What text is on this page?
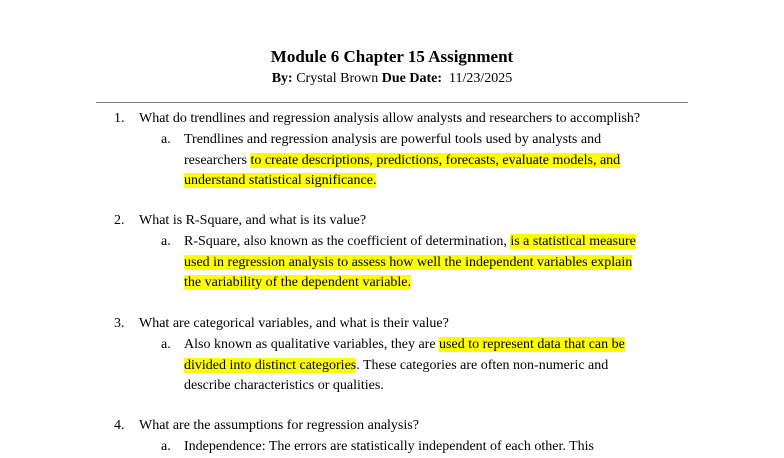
Module 6 Chapter 15 Assignment
By: Crystal Brown Due Date: 11/23/2025
1. What do trendlines and regression analysis allow analysts and researchers to accomplish?
a. Trendlines and regression analysis are powerful tools used by analysts and
researchers to create descriptions, predictions, forecasts, evaluate models, and
understand statistical significance.
2. What is R-Square, and what is its value?
a. R-Square, also known as the coefficient of determination, is a statistical measure
used in regression analysis to assess how well the independent variables explain
the variability of the dependent variable.
3. What are categorical variables, and what is their value?
a. Also known as qualitative variables, they are used to represent data that can be
divided into distinct categories. These categories are often non-numeric and
describe characteristics or qualities.
4. What are the assumptions for regression analysis?
a. Independence: The errors are statistically independent of each other. This
